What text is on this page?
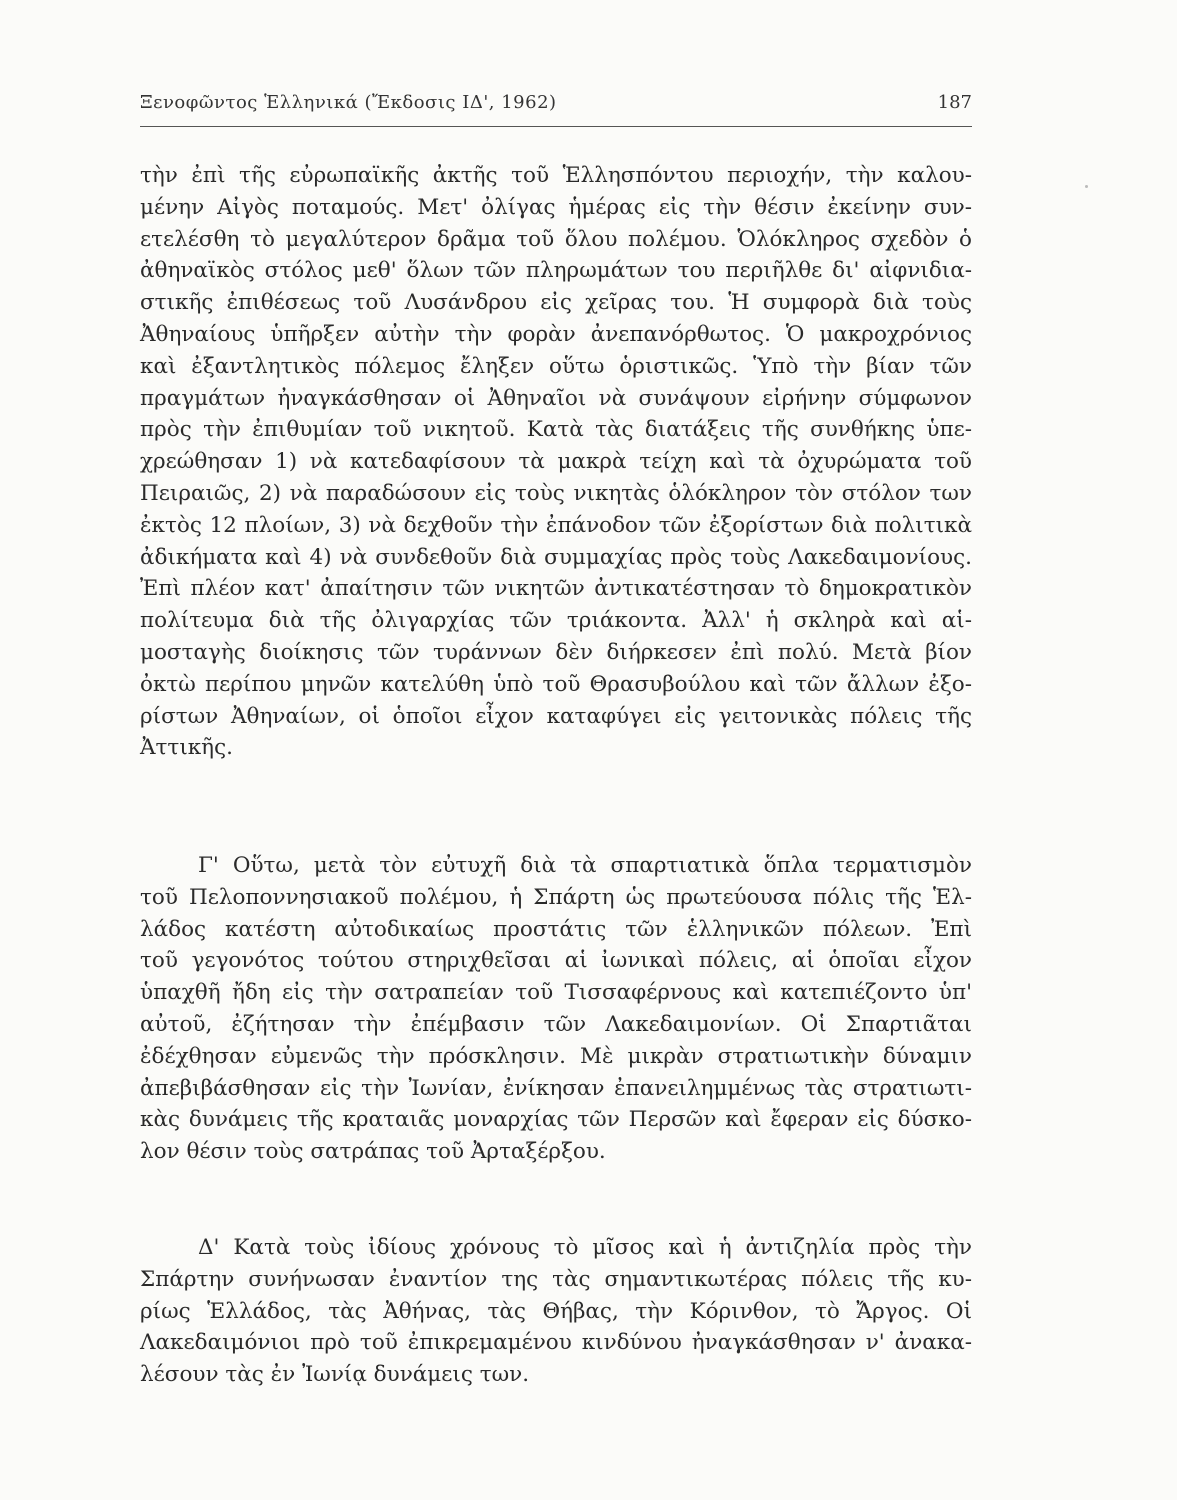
Ξενοφῶντος Ἑλληνικά (Ἔκδοσις ΙΔ', 1962)	187
τὴν ἐπὶ τῆς εὐρωπαϊκῆς ἀκτῆς τοῦ Ἑλλησπόντου περιοχήν, τὴν καλου-
μένην Αἰγὸς ποταμούς. Μετ' ὀλίγας ἡμέρας εἰς τὴν θέσιν ἐκείνην συν-
ετελέσθη τὸ μεγαλύτερον δρᾶμα τοῦ ὅλου πολέμου. Ὁλόκληρος σχεδὸν ὁ
ἀθηναϊκὸς στόλος μεθ' ὅλων τῶν πληρωμάτων του περιῆλθε δι' αἰφνιδια-
στικῆς ἐπιθέσεως τοῦ Λυσάνδρου εἰς χεῖρας του. Ἡ συμφορὰ διὰ τοὺς
Ἀθηναίους ὑπῆρξεν αὐτὴν τὴν φορὰν ἀνεπανόρθωτος. Ὁ μακροχρόνιος
καὶ ἐξαντλητικὸς πόλεμος ἔληξεν οὕτω ὁριστικῶς. Ὑπὸ τὴν βίαν τῶν
πραγμάτων ἠναγκάσθησαν οἱ Ἀθηναῖοι νὰ συνάψουν εἰρήνην σύμφωνον
πρὸς τὴν ἐπιθυμίαν τοῦ νικητοῦ. Κατὰ τὰς διατάξεις τῆς συνθήκης ὑπε-
χρεώθησαν 1) νὰ κατεδαφίσουν τὰ μακρὰ τείχη καὶ τὰ ὀχυρώματα τοῦ
Πειραιῶς, 2) νὰ παραδώσουν εἰς τοὺς νικητὰς ὁλόκληρον τὸν στόλον των
ἐκτὸς 12 πλοίων, 3) νὰ δεχθοῦν τὴν ἐπάνοδον τῶν ἐξορίστων διὰ πολιτικὰ
ἀδικήματα καὶ 4) νὰ συνδεθοῦν διὰ συμμαχίας πρὸς τοὺς Λακεδαιμονίους.
Ἐπὶ πλέον κατ' ἀπαίτησιν τῶν νικητῶν ἀντικατέστησαν τὸ δημοκρατικὸν
πολίτευμα διὰ τῆς ὀλιγαρχίας τῶν τριάκοντα. Ἀλλ' ἡ σκληρὰ καὶ αἱ-
μοσταγὴς διοίκησις τῶν τυράννων δὲν διήρκεσεν ἐπὶ πολύ. Μετὰ βίον
ὀκτὼ περίπου μηνῶν κατελύθη ὑπὸ τοῦ Θρασυβούλου καὶ τῶν ἄλλων ἐξο-
ρίστων Ἀθηναίων, οἱ ὁποῖοι εἶχον καταφύγει εἰς γειτονικὰς πόλεις τῆς
Ἀττικῆς.
Γ' Οὕτω, μετὰ τὸν εὐτυχῆ διὰ τὰ σπαρτιατικὰ ὅπλα τερματισμὸν
τοῦ Πελοποννησιακοῦ πολέμου, ἡ Σπάρτη ὡς πρωτεύουσα πόλις τῆς Ἑλ-
λάδος κατέστη αὐτοδικαίως προστάτις τῶν ἑλληνικῶν πόλεων. Ἐπὶ
τοῦ γεγονότος τούτου στηριχθεῖσαι αἱ ἰωνικαὶ πόλεις, αἱ ὁποῖαι εἶχον
ὑπαχθῆ ἤδη εἰς τὴν σατραπείαν τοῦ Τισσαφέρνους καὶ κατεπιέζοντο ὑπ'
αὐτοῦ, ἐζήτησαν τὴν ἐπέμβασιν τῶν Λακεδαιμονίων. Οἱ Σπαρτιᾶται
ἐδέχθησαν εὐμενῶς τὴν πρόσκλησιν. Μὲ μικρὰν στρατιωτικὴν δύναμιν
ἀπεβιβάσθησαν εἰς τὴν Ἰωνίαν, ἐνίκησαν ἐπανειλημμένως τὰς στρατιωτι-
κὰς δυνάμεις τῆς κραταιᾶς μοναρχίας τῶν Περσῶν καὶ ἔφεραν εἰς δύσκο-
λον θέσιν τοὺς σατράπας τοῦ Ἀρταξέρξου.
Δ' Κατὰ τοὺς ἰδίους χρόνους τὸ μῖσος καὶ ἡ ἀντιζηλία πρὸς τὴν
Σπάρτην συνήνωσαν ἐναντίον της τὰς σημαντικωτέρας πόλεις τῆς κυ-
ρίως Ἑλλάδος, τὰς Ἀθήνας, τὰς Θήβας, τὴν Κόρινθον, τὸ Ἄργος. Οἱ
Λακεδαιμόνιοι πρὸ τοῦ ἐπικρεμαμένου κινδύνου ἠναγκάσθησαν ν' ἀνακα-
λέσουν τὰς ἐν Ἰωνίᾳ δυνάμεις των.
